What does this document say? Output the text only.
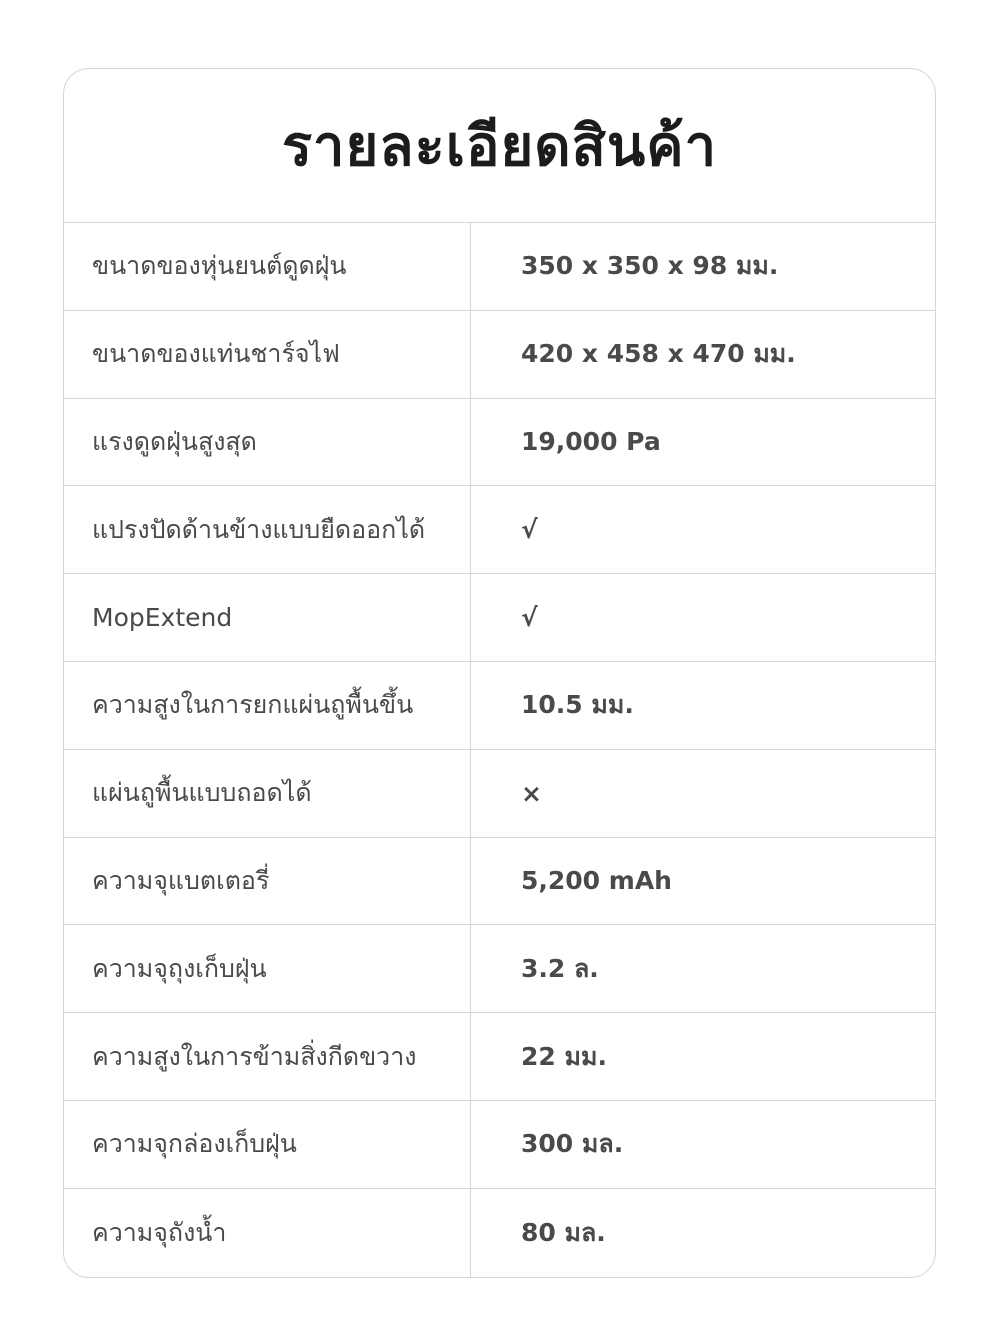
รายละเอียดสินค้า
ขนาดของหุ่นยนต์ดูดฝุ่น	350 x 350 x 98 มม.
ขนาดของแท่นชาร์จไฟ	420 x 458 x 470 มม.
แรงดูดฝุ่นสูงสุด	19,000 Pa
แปรงปัดด้านข้างแบบยืดออกได้	√
MopExtend	√
ความสูงในการยกแผ่นถูพื้นขึ้น	10.5 มม.
แผ่นถูพื้นแบบถอดได้	×
ความจุแบตเตอรี่	5,200 mAh
ความจุถุงเก็บฝุ่น	3.2 ล.
ความสูงในการข้ามสิ่งกีดขวาง	22 มม.
ความจุกล่องเก็บฝุ่น	300 มล.
ความจุถังน้ำ	80 มล.
